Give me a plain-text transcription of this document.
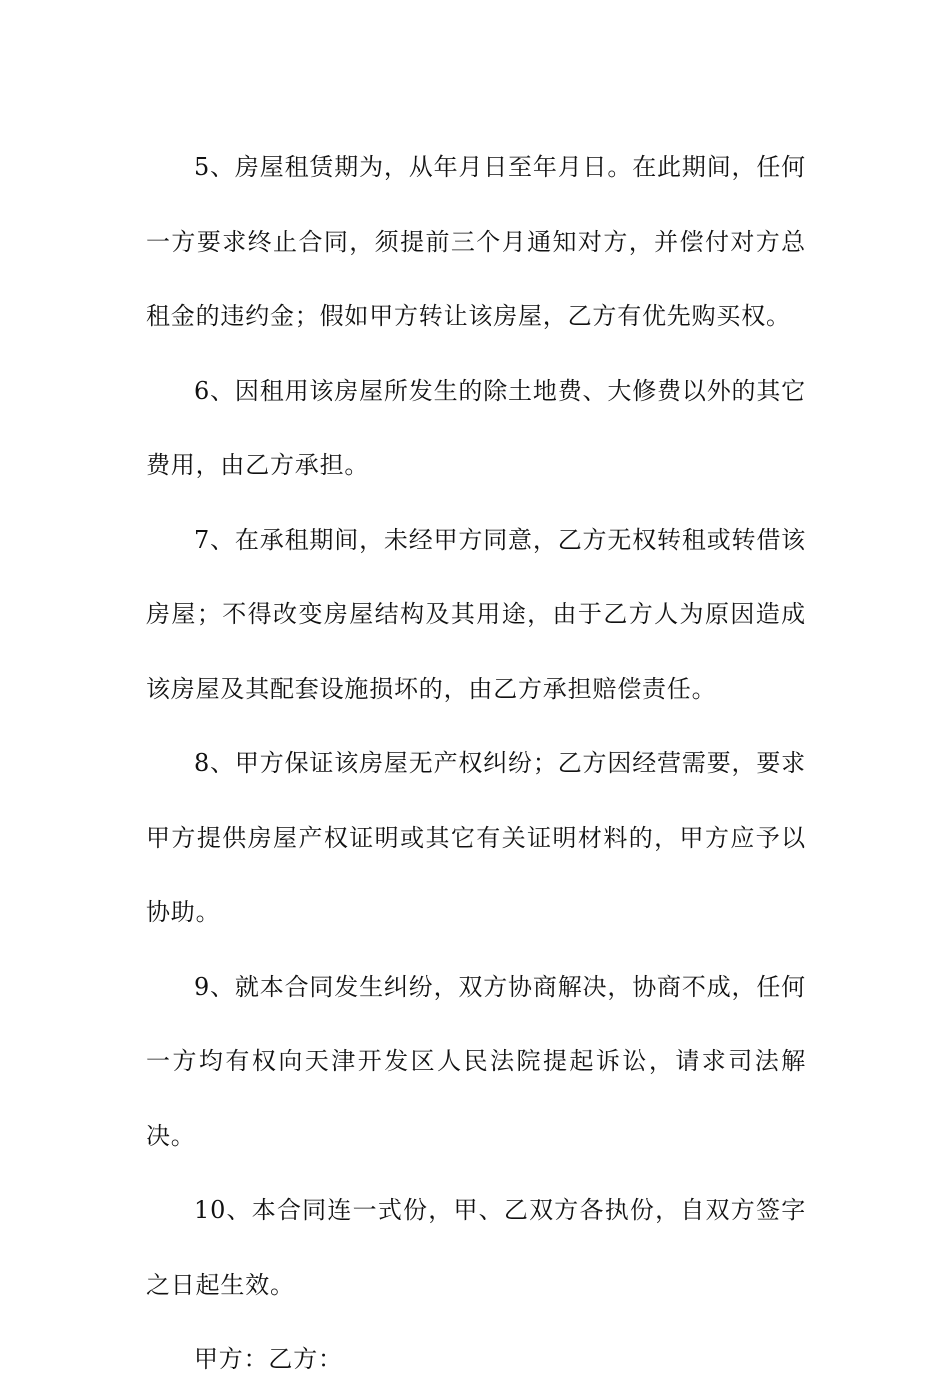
5、房屋租赁期为，从年月日至年月日。在此期间，任何一方要求终止合同，须提前三个月通知对方，并偿付对方总租金的违约金；假如甲方转让该房屋，乙方有优先购买权。

6、因租用该房屋所发生的除土地费、大修费以外的其它费用，由乙方承担。

7、在承租期间，未经甲方同意，乙方无权转租或转借该房屋；不得改变房屋结构及其用途，由于乙方人为原因造成该房屋及其配套设施损坏的，由乙方承担赔偿责任。

8、甲方保证该房屋无产权纠纷；乙方因经营需要，要求甲方提供房屋产权证明或其它有关证明材料的，甲方应予以协助。

9、就本合同发生纠纷，双方协商解决，协商不成，任何一方均有权向天津开发区人民法院提起诉讼，请求司法解决。

10、本合同连一式份，甲、乙双方各执份，自双方签字之日起生效。

甲方：乙方：
